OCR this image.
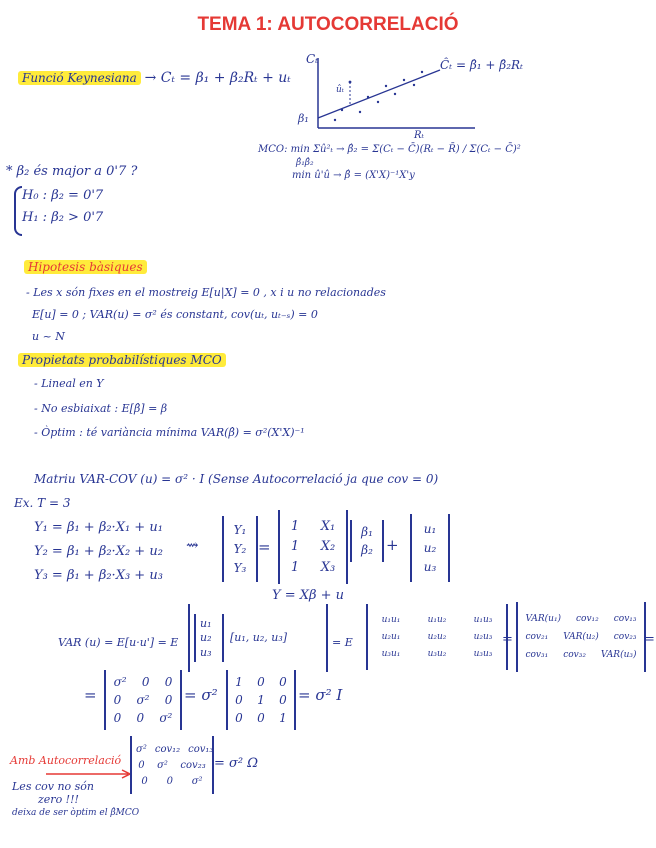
TEMA 1: AUTOCORRELACIÓ
Funció Keynesiana → Cₜ = β₁ + β₂Rₜ + uₜ
Cₜ
β₁
Rₜ
ûₜ
Ĉₜ = β̂₁ + β̂₂Rₜ
MCO: min Σû²ₜ → β̂₂ = Σ(Cₜ − C̄)(Rₜ − R̄) / Σ(Cₜ − C̄)²
β̂₁β̂₂
min û'û → β̂ = (X'X)⁻¹X'y
* β₂ és major a 0'7 ?
H₀ : β₂ = 0'7
H₁ : β₂ > 0'7
Hipotesis bàsiques
- Les x són fixes en el mostreig E[u|X] = 0 , x i u no relacionades
E[u] = 0 ; VAR(u) = σ² és constant, cov(uₜ, uₜ₋ₛ) = 0
u ~ N
Propietats probabilístiques MCO
- Lineal en Y
- No esbiaixat : E[β̂] = β
- Òptim : té variància mínima VAR(β̂) = σ²(X'X)⁻¹
Matriu VAR-COV (u) = σ² · I (Sense Autocorrelació ja que cov = 0)
Ex. T = 3
Y₁ = β₁ + β₂·X₁ + u₁
Y₂ = β₁ + β₂·X₂ + u₂
Y₃ = β₁ + β₂·X₃ + u₃
⇝
Y₁
Y₂
Y₃
=
1 X₁
1 X₂
1 X₃
β₁
β₂ +
u₁
u₂
u₃
Y = Xβ + u
VAR (u) = E[u·u'] = E
u₁
u₂
u₃
[u₁, u₂, u₃]	= E
u₁u₁	u₁u₂	u₁u₃
u₂u₁	u₂u₂	u₂u₃
u₃u₁	u₃u₂	u₃u₃
=
VAR(u₁) cov₁₂ cov₁₃
cov₂₁ VAR(u₂) cov₂₃
cov₃₁ cov₃₂ VAR(u₃)
=
=
σ² 0 0
0 σ² 0
0 0 σ²
= σ²
1 0 0
0 1 0
0 0 1
= σ² I
Amb Autocorrelació
σ² cov₁₂ cov₁₃
0 σ² cov₂₃
0 0 σ²
= σ² Ω
Les cov no són
zero !!!
deixa de ser òptim el β̂MCO
